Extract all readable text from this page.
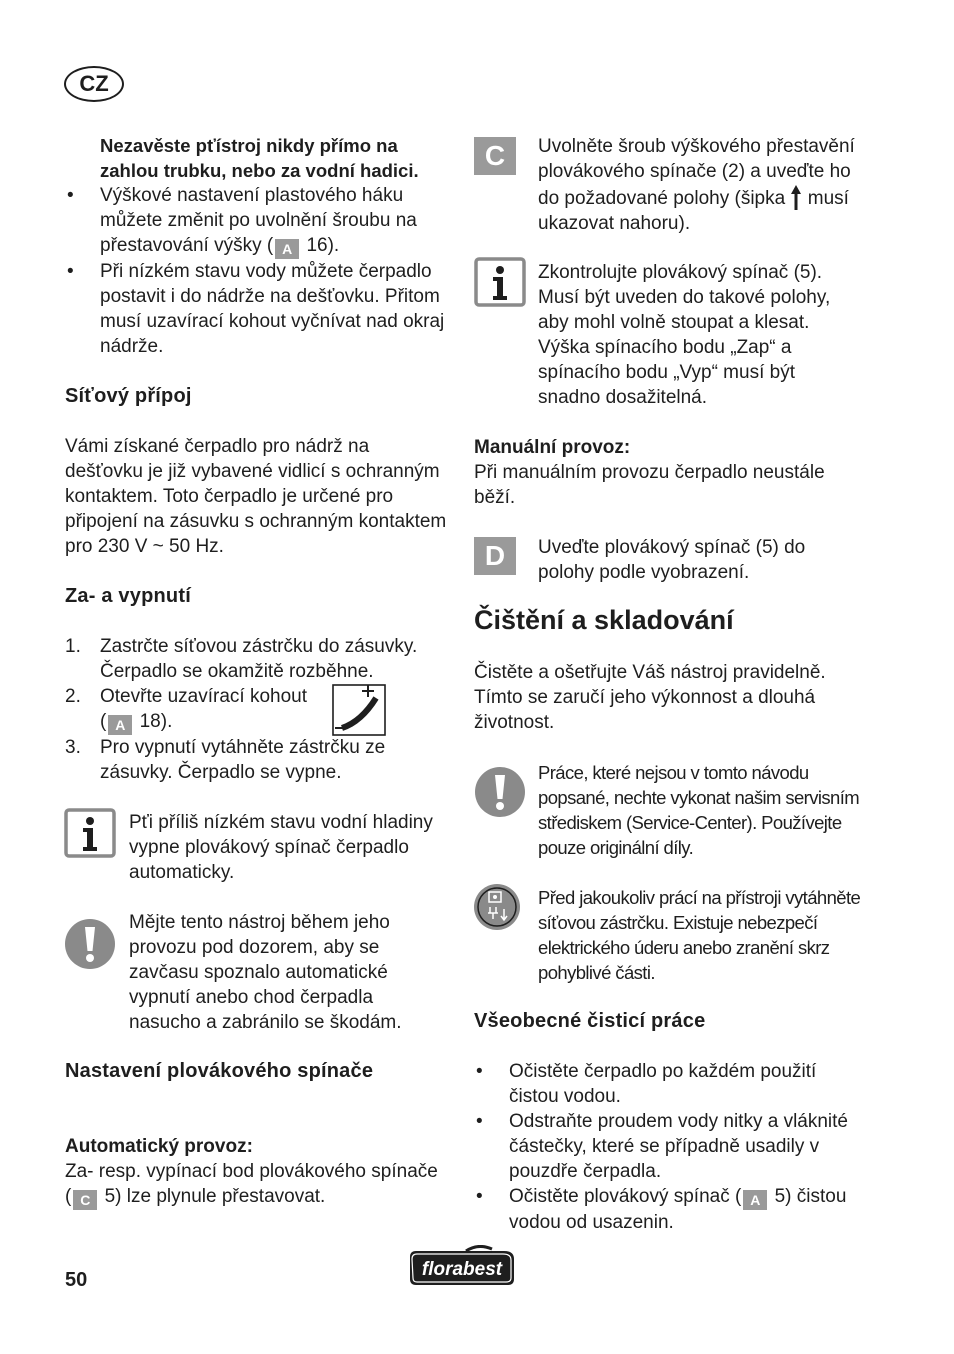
CZ
Nezavěste pťístroj nikdy přímo na zahlou trubku, nebo za vodní hadici.
•	Výškové nastavení plastového háku můžete změnit po uvolnění šroubu na přestavování výšky ( A 16).
•	Při nízkém stavu vody můžete čerpadlo postavit i do nádrže na dešťovku. Přitom musí uzavírací kohout vyčnívat nad okraj nádrže.
Síťový přípoj
Vámi získané čerpadlo pro nádrž na dešťovku je již vybavené vidlicí s ochranným kontaktem. Toto čerpadlo je určené pro připojení na zásuvku s ochranným kontaktem pro 230 V ~ 50 Hz.
Za- a vypnutí
1.	Zastrčte síťovou zástrčku do zásuvky. Čerpadlo se okamžitě rozběhne.
2.	Otevřte uzavírací kohout
( A 18).
3.	Pro vypnutí vytáhněte zástrčku ze zásuvky. Čerpadlo se vypne.
Pťi příliš nízkém stavu vodní hladiny vypne plovákový spínač čerpadlo automaticky.
Mějte tento nástroj během jeho provozu pod dozorem, aby se zavčasu spoznalo automatické vypnutí anebo chod čerpadla nasucho a zabránilo se škodám.
Nastavení plovákového spínače
Automatický provoz:
Za- resp. vypínací bod plovákového spínače ( C 5) lze plynule přestavovat.
C	Uvolněte šroub výškového přestavění plovákového spínače (2) a uveďte ho do požadované polohy (šipka musí ukazovat nahoru).
Zkontrolujte plovákový spínač (5). Musí být uveden do takové polohy, aby mohl volně stoupat a klesat. Výška spínacího bodu „Zap“ a spínacího bodu „Vyp“ musí být snadno dosažitelná.
Manuální provoz:
Při manuálním provozu čerpadlo neustále běží.
D	Uveďte plovákový spínač (5) do polohy podle vyobrazení.
Čištění a skladování
Čistěte a ošetřujte Váš nástroj pravidelně. Tímto se zaručí jeho výkonnost a dlouhá životnost.
Práce, které nejsou v tomto návodu popsané, nechte vykonat našim servisním střediskem (Service-Center). Používejte pouze originální díly.
Před jakoukoliv prácí na přístroji vytáhněte síťovou zástrčku. Existuje nebezpečí elektrického úderu anebo zranění skrz pohyblivé části.
Všeobecné čisticí práce
•	Očistěte čerpadlo po každém použití čistou vodou.
•	Odstraňte proudem vody nitky a vláknité částečky, které se případně usadily v pouzdře čerpadla.
•	Očistěte plovákový spínač ( A 5) čistou vodou od usazenin.
50	florabest
